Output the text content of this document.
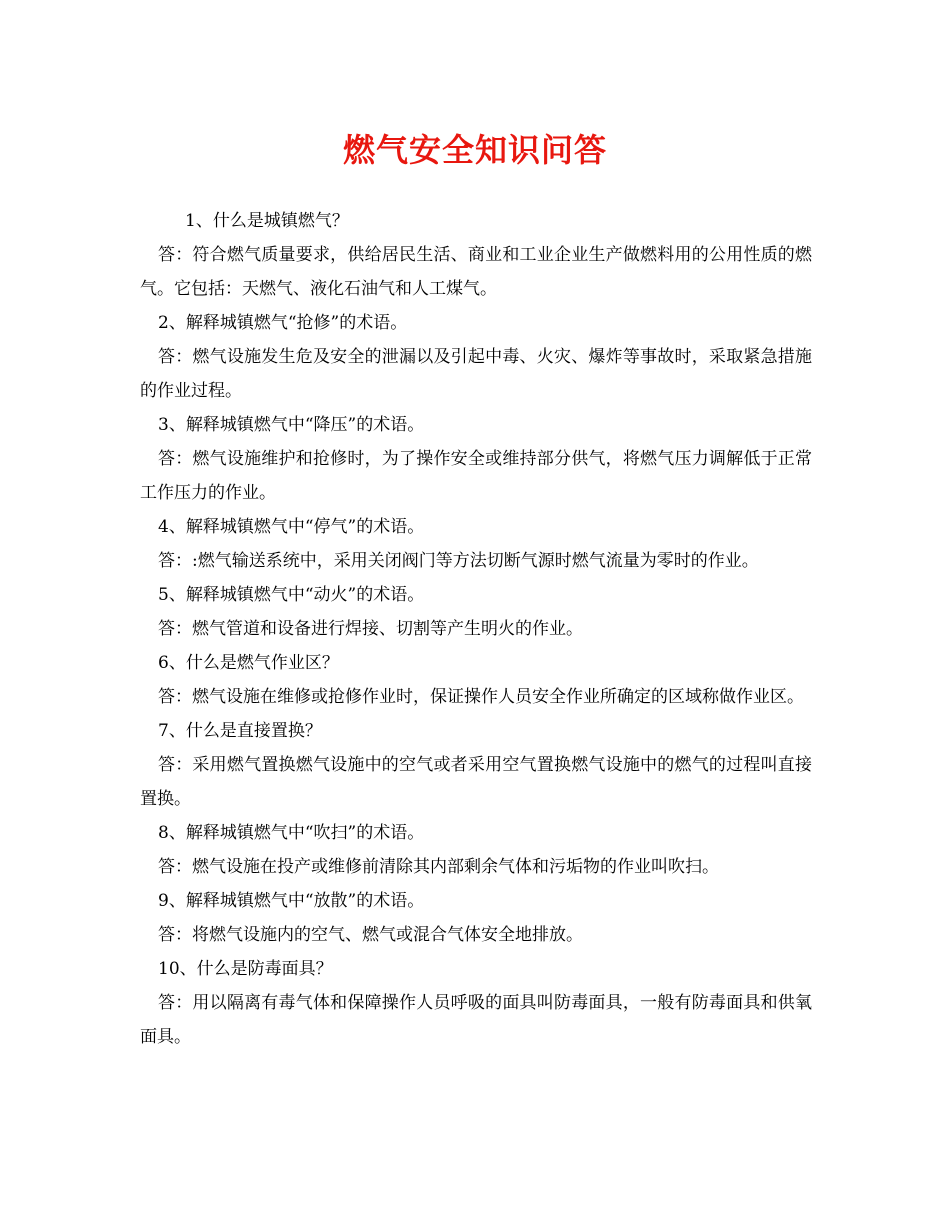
燃气安全知识问答

1、什么是城镇燃气？

答：符合燃气质量要求，供给居民生活、商业和工业企业生产做燃料用的公用性质的燃气。它包括：天燃气、液化石油气和人工煤气。

2、解释城镇燃气“抢修”的术语。

答：燃气设施发生危及安全的泄漏以及引起中毒、火灾、爆炸等事故时，采取紧急措施的作业过程。

3、解释城镇燃气中“降压”的术语。

答：燃气设施维护和抢修时，为了操作安全或维持部分供气，将燃气压力调解低于正常工作压力的作业。

4、解释城镇燃气中“停气”的术语。

答：:燃气输送系统中，采用关闭阀门等方法切断气源时燃气流量为零时的作业。

5、解释城镇燃气中“动火”的术语。

答：燃气管道和设备进行焊接、切割等产生明火的作业。

6、什么是燃气作业区？

答：燃气设施在维修或抢修作业时，保证操作人员安全作业所确定的区域称做作业区。

7、什么是直接置换？

答：采用燃气置换燃气设施中的空气或者采用空气置换燃气设施中的燃气的过程叫直接置换。

8、解释城镇燃气中“吹扫”的术语。

答：燃气设施在投产或维修前清除其内部剩余气体和污垢物的作业叫吹扫。

9、解释城镇燃气中“放散”的术语。

答：将燃气设施内的空气、燃气或混合气体安全地排放。

10、什么是防毒面具？

答：用以隔离有毒气体和保障操作人员呼吸的面具叫防毒面具，一般有防毒面具和供氧面具。
